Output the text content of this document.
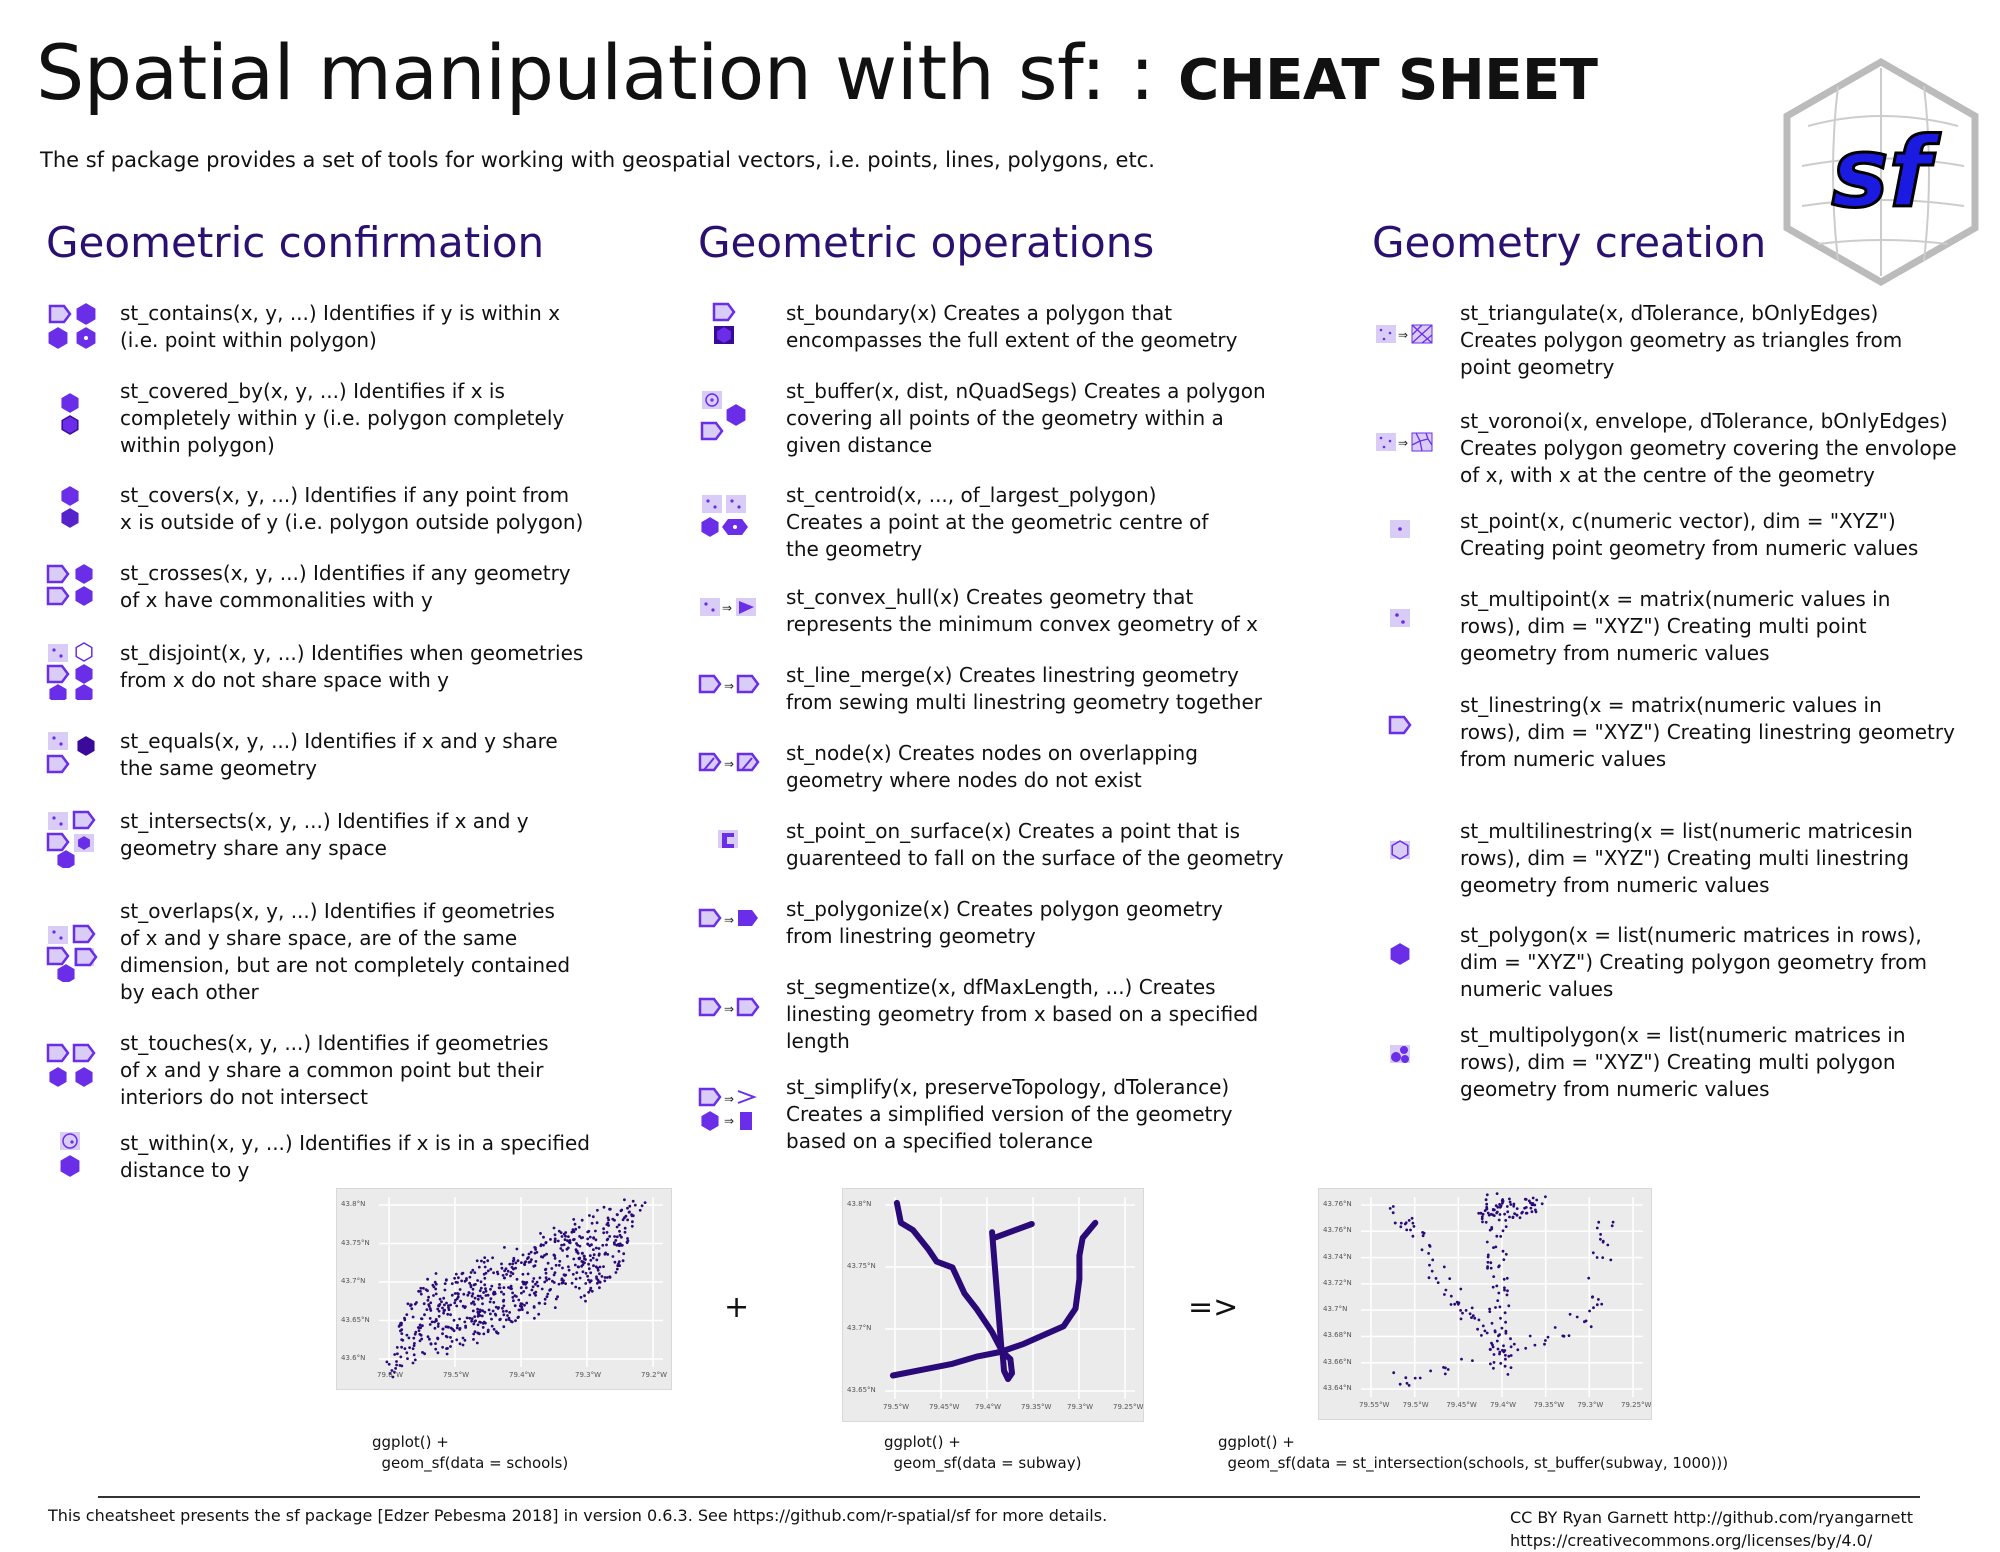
Spatial manipulation with sf: : CHEAT SHEET

The sf package provides a set of tools for working with geospatial vectors, i.e. points, lines, polygons, etc.	sf
Geometric confirmation
st_contains(x, y, ...) Identifies if y is within x
(i.e. point within polygon)
st_covered_by(x, y, ...) Identifies if x is
completely within y (i.e. polygon completely
within polygon)
st_covers(x, y, ...) Identifies if any point from
x is outside of y (i.e. polygon outside polygon)
st_crosses(x, y, ...) Identifies if any geometry
of x have commonalities with y
st_disjoint(x, y, ...) Identifies when geometries
from x do not share space with y
st_equals(x, y, ...) Identifies if x and y share
the same geometry
st_intersects(x, y, ...) Identifies if x and y
geometry share any space
st_overlaps(x, y, ...) Identifies if geometries
of x and y share space, are of the same
dimension, but are not completely contained
by each other
st_touches(x, y, ...) Identifies if geometries
of x and y share a common point but their
interiors do not intersect
st_within(x, y, ...) Identifies if x is in a specified
distance to y
Geometric operations
st_boundary(x) Creates a polygon that
encompasses the full extent of the geometry
st_buffer(x, dist, nQuadSegs) Creates a polygon
covering all points of the geometry within a
given distance
st_centroid(x, ..., of_largest_polygon)
Creates a point at the geometric centre of
the geometry
⇒	st_convex_hull(x) Creates geometry that
represents the minimum convex geometry of x
⇒	st_line_merge(x) Creates linestring geometry
from sewing multi linestring geometry together
⇒	st_node(x) Creates nodes on overlapping
geometry where nodes do not exist
st_point_on_surface(x) Creates a point that is
guarenteed to fall on the surface of the geometry
⇒	st_polygonize(x) Creates polygon geometry
from linestring geometry
⇒
st_segmentize(x, dfMaxLength, ...) Creates
linesting geometry from x based on a specified
length
⇒
⇒
st_simplify(x, preserveTopology, dTolerance)
Creates a simplified version of the geometry
based on a specified tolerance
Geometry creation
⇒
st_triangulate(x, dTolerance, bOnlyEdges)
Creates polygon geometry as triangles from
point geometry
⇒
st_voronoi(x, envelope, dTolerance, bOnlyEdges)
Creates polygon geometry covering the envolope
of x, with x at the centre of the geometry
st_point(x, c(numeric vector), dim = "XYZ")
Creating point geometry from numeric values
st_multipoint(x = matrix(numeric values in
rows), dim = "XYZ") Creating multi point
geometry from numeric values
st_linestring(x = matrix(numeric values in
rows), dim = "XYZ") Creating linestring geometry
from numeric values
st_multilinestring(x = list(numeric matricesin
rows), dim = "XYZ") Creating multi linestring
geometry from numeric values
st_polygon(x = list(numeric matrices in rows),
dim = "XYZ") Creating polygon geometry from
numeric values
st_multipolygon(x = list(numeric matrices in
rows), dim = "XYZ") Creating multi polygon
geometry from numeric values
79.6°W	79.5°W	79.4°W	79.3°W	79.2°W
43.8°N
43.75°N
43.7°N
43.65°N
43.6°N
79.5°W	79.45°W 79.4°W	79.35°W 79.3°W	79.25°W
43.8°N
43.75°N
43.7°N
43.65°N
79.55°W 79.5°W	79.45°W 79.4°W	79.35°W 79.3°W	79.25°W
43.76°N
43.76°N
43.74°N
43.72°N
43.7°N
43.68°N
43.66°N
43.64°N
ggplot() +
geom_sf(data = schools)
ggplot() +
geom_sf(data = subway)
ggplot() +
geom_sf(data = st_intersection(schools, st_buffer(subway, 1000)))
+	=>
This cheatsheet presents the sf package [Edzer Pebesma 2018] in version 0.6.3. See https://github.com/r-spatial/sf for more details.	CC BY Ryan Garnett http://github.com/ryangarnett
https://creativecommons.org/licenses/by/4.0/
